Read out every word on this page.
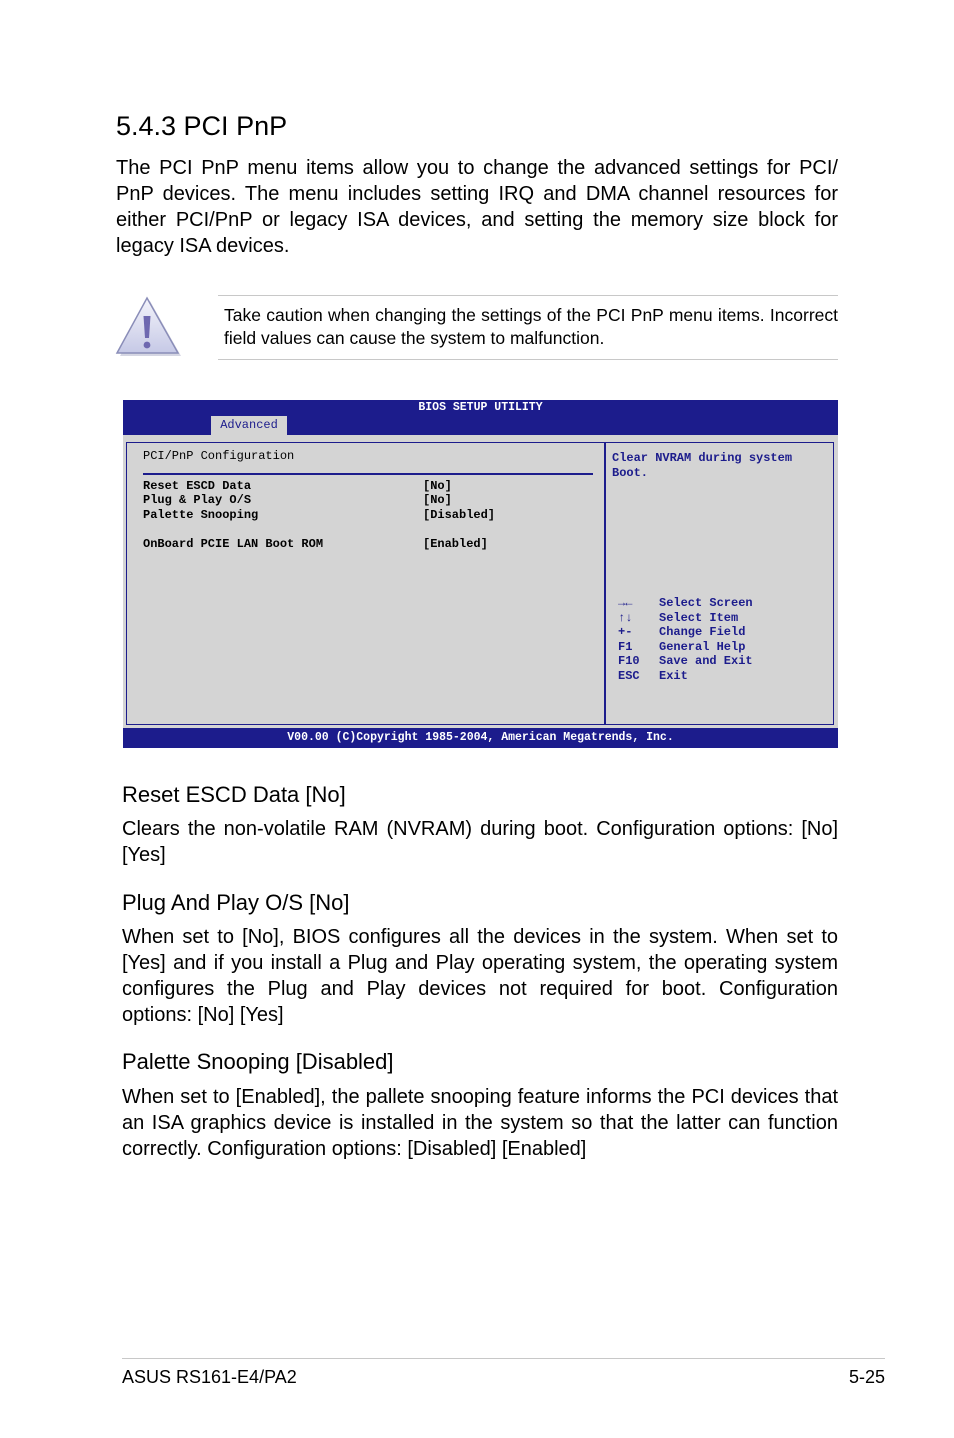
5.4.3 PCI PnP
The PCI PnP menu items allow you to change the advanced settings for PCI/ PnP devices. The menu includes setting IRQ and DMA channel resources for either PCI/PnP or legacy ISA devices, and setting the memory size block for legacy ISA devices.
Take caution when changing the settings of the PCI PnP menu items. Incorrect field values can cause the system to malfunction.
BIOS SETUP UTILITY
Advanced
PCI/PnP Configuration
Reset ESCD Data	[No]
Plug & Play O/S	[No]
Palette Snooping	[Disabled]
OnBoard PCIE LAN Boot ROM	[Enabled]
Clear NVRAM during system Boot.
→← Select Screen
↑↓ Select Item
+- Change Field
F1 General Help
F10 Save and Exit
ESC Exit
V00.00 (C)Copyright 1985-2004, American Megatrends, Inc.
Reset ESCD Data [No]
Clears the non-volatile RAM (NVRAM) during boot. Configuration options: [No] [Yes]
Plug And Play O/S [No]
When set to [No], BIOS configures all the devices in the system. When set to [Yes] and if you install a Plug and Play operating system, the operating system configures the Plug and Play devices not required for boot. Configuration options: [No] [Yes]
Palette Snooping [Disabled]
When set to [Enabled], the pallete snooping feature informs the PCI devices that an ISA graphics device is installed in the system so that the latter can function correctly. Configuration options: [Disabled] [Enabled]
ASUS RS161-E4/PA2	5-25
